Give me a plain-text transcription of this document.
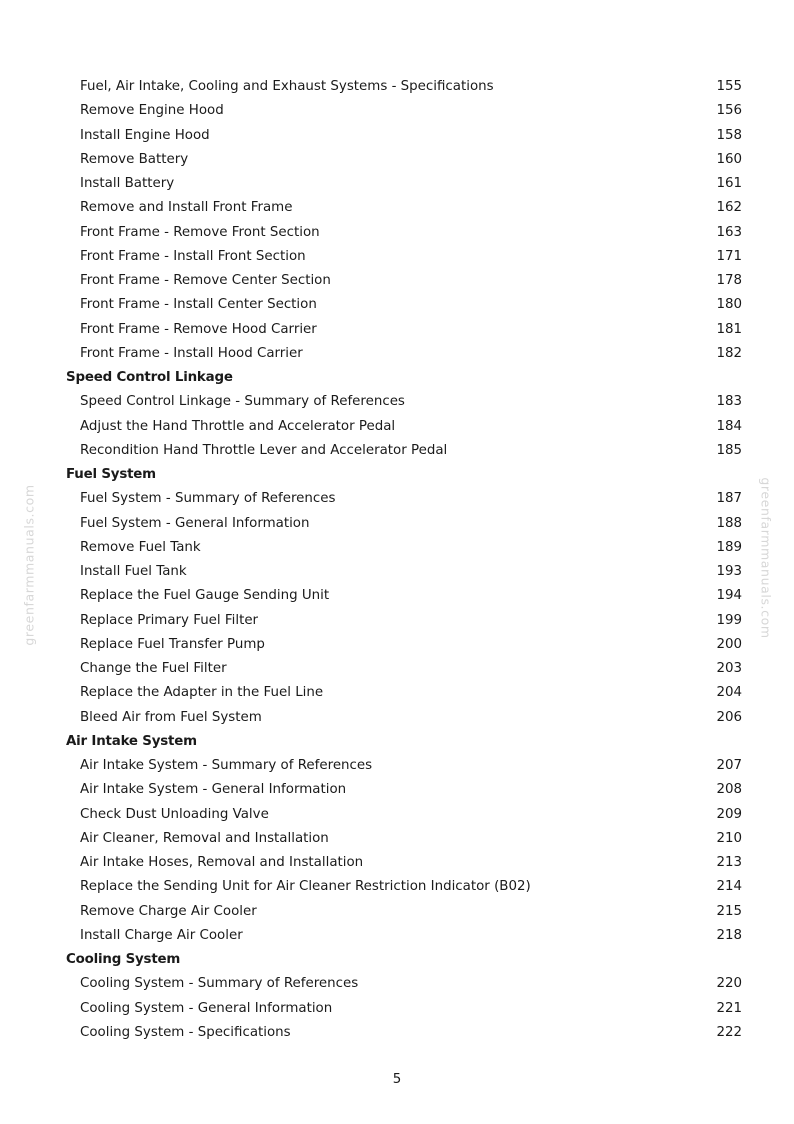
Fuel, Air Intake, Cooling and Exhaust Systems - Specifications	155
Remove Engine Hood	156
Install Engine Hood	158
Remove Battery	160
Install Battery	161
Remove and Install Front Frame	162
Front Frame - Remove Front Section	163
Front Frame - Install Front Section	171
Front Frame - Remove Center Section	178
Front Frame - Install Center Section	180
Front Frame - Remove Hood Carrier	181
Front Frame - Install Hood Carrier	182
Speed Control Linkage
Speed Control Linkage - Summary of References	183
Adjust the Hand Throttle and Accelerator Pedal	184
Recondition Hand Throttle Lever and Accelerator Pedal	185
Fuel System
Fuel System - Summary of References	187
Fuel System - General Information	188
Remove Fuel Tank	189
Install Fuel Tank	193
Replace the Fuel Gauge Sending Unit	194
Replace Primary Fuel Filter	199
Replace Fuel Transfer Pump	200
Change the Fuel Filter	203
Replace the Adapter in the Fuel Line	204
Bleed Air from Fuel System	206
Air Intake System
Air Intake System - Summary of References	207
Air Intake System - General Information	208
Check Dust Unloading Valve	209
Air Cleaner, Removal and Installation	210
Air Intake Hoses, Removal and Installation	213
Replace the Sending Unit for Air Cleaner Restriction Indicator (B02)	214
Remove Charge Air Cooler	215
Install Charge Air Cooler	218
Cooling System
Cooling System - Summary of References	220
Cooling System - General Information	221
Cooling System - Specifications	222
5
greenfarmmanuals.com	greenfarmmanuals.com
